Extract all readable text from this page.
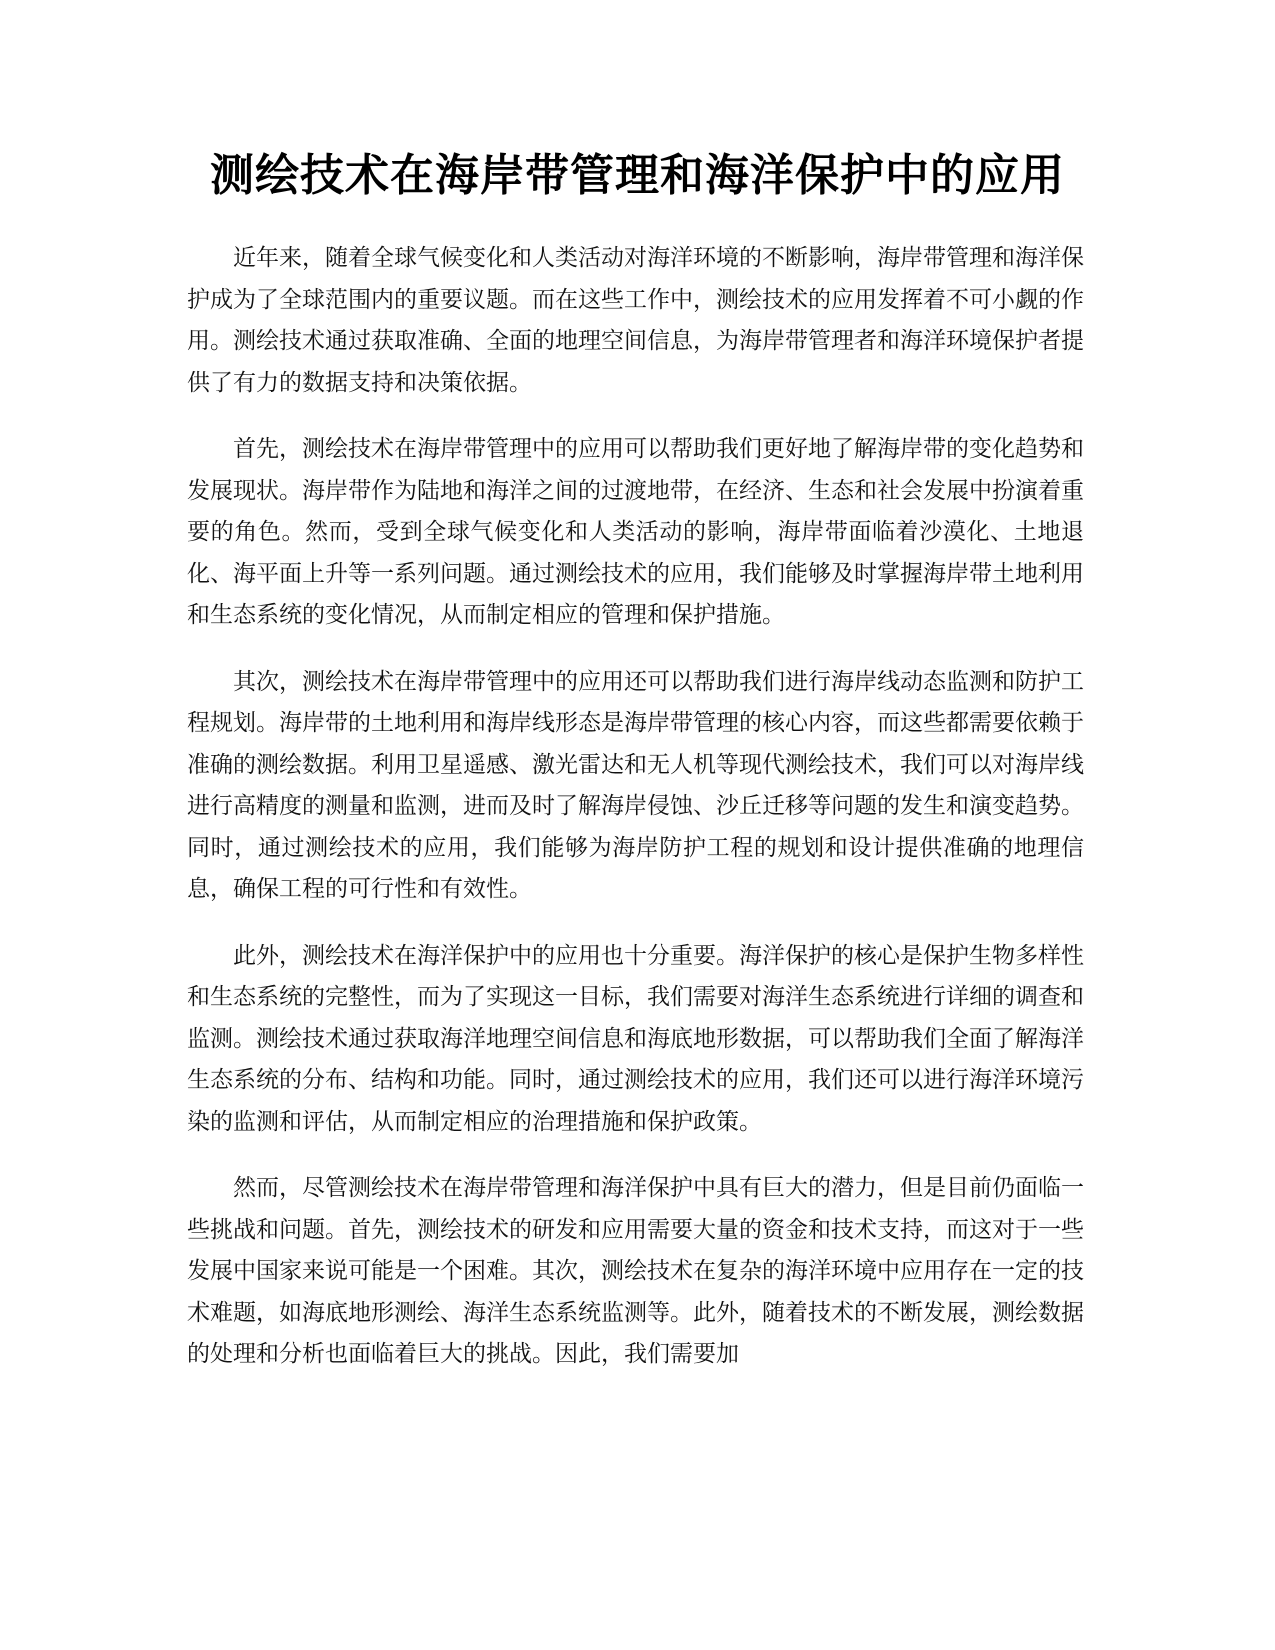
测绘技术在海岸带管理和海洋保护中的应用

近年来，随着全球气候变化和人类活动对海洋环境的不断影响，海岸带管理和海洋保护成为了全球范围内的重要议题。而在这些工作中，测绘技术的应用发挥着不可小觑的作用。测绘技术通过获取准确、全面的地理空间信息，为海岸带管理者和海洋环境保护者提供了有力的数据支持和决策依据。

首先，测绘技术在海岸带管理中的应用可以帮助我们更好地了解海岸带的变化趋势和发展现状。海岸带作为陆地和海洋之间的过渡地带，在经济、生态和社会发展中扮演着重要的角色。然而，受到全球气候变化和人类活动的影响，海岸带面临着沙漠化、土地退化、海平面上升等一系列问题。通过测绘技术的应用，我们能够及时掌握海岸带土地利用和生态系统的变化情况，从而制定相应的管理和保护措施。

其次，测绘技术在海岸带管理中的应用还可以帮助我们进行海岸线动态监测和防护工程规划。海岸带的土地利用和海岸线形态是海岸带管理的核心内容，而这些都需要依赖于准确的测绘数据。利用卫星遥感、激光雷达和无人机等现代测绘技术，我们可以对海岸线进行高精度的测量和监测，进而及时了解海岸侵蚀、沙丘迁移等问题的发生和演变趋势。同时，通过测绘技术的应用，我们能够为海岸防护工程的规划和设计提供准确的地理信息，确保工程的可行性和有效性。

此外，测绘技术在海洋保护中的应用也十分重要。海洋保护的核心是保护生物多样性和生态系统的完整性，而为了实现这一目标，我们需要对海洋生态系统进行详细的调查和监测。测绘技术通过获取海洋地理空间信息和海底地形数据，可以帮助我们全面了解海洋生态系统的分布、结构和功能。同时，通过测绘技术的应用，我们还可以进行海洋环境污染的监测和评估，从而制定相应的治理措施和保护政策。

然而，尽管测绘技术在海岸带管理和海洋保护中具有巨大的潜力，但是目前仍面临一些挑战和问题。首先，测绘技术的研发和应用需要大量的资金和技术支持，而这对于一些发展中国家来说可能是一个困难。其次，测绘技术在复杂的海洋环境中应用存在一定的技术难题，如海底地形测绘、海洋生态系统监测等。此外，随着技术的不断发展，测绘数据的处理和分析也面临着巨大的挑战。因此，我们需要加
